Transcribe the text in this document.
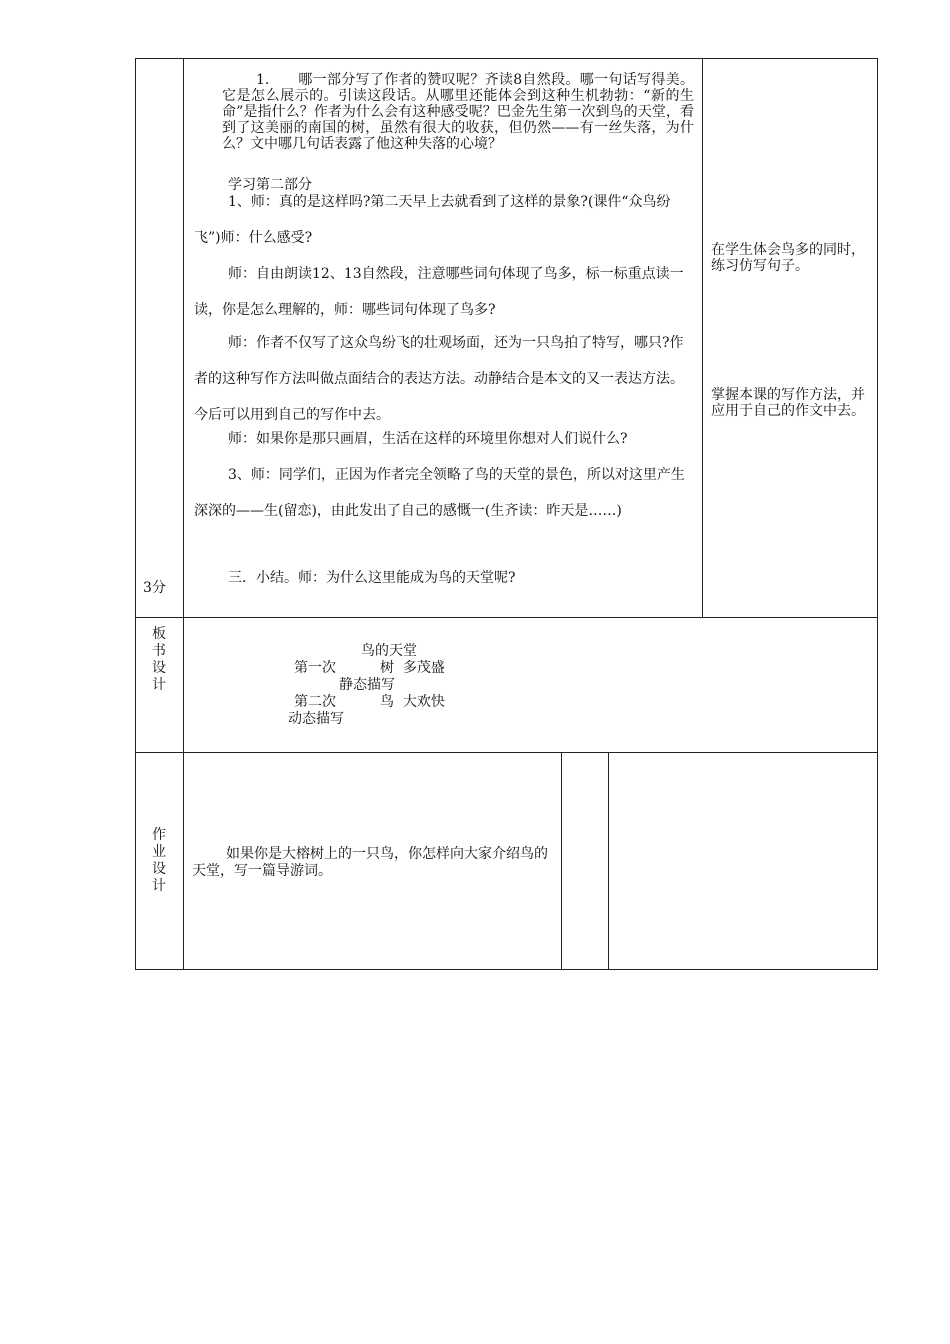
3分
1.　　哪一部分写了作者的赞叹呢？齐读8自然段。哪一句话写得美。它是怎么展示的。引读这段话。从哪里还能体会到这种生机勃勃：“新的生命”是指什么？作者为什么会有这种感受呢？巴金先生第一次到鸟的天堂，看到了这美丽的南国的树，虽然有很大的收获，但仍然——有一丝失落，为什么？文中哪几句话表露了他这种失落的心境？
学习第二部分
1、师：真的是这样吗?第二天早上去就看到了这样的景象?(课件“众鸟纷飞”)师：什么感受?
师：自由朗读12、13自然段，注意哪些词句体现了鸟多，标一标重点读一读，你是怎么理解的，师：哪些词句体现了鸟多?
师：作者不仅写了这众鸟纷飞的壮观场面，还为一只鸟拍了特写，哪只?作者的这种写作方法叫做点面结合的表达方法。动静结合是本文的又一表达方法。今后可以用到自己的写作中去。
师：如果你是那只画眉，生活在这样的环境里你想对人们说什么?
3、师：同学们，正因为作者完全领略了鸟的天堂的景色，所以对这里产生深深的——生(留恋)，由此发出了自己的感慨一(生齐读：昨天是……)
三．小结。师：为什么这里能成为鸟的天堂呢?
在学生体会鸟多的同时，练习仿写句子。
掌握本课的写作方法，并应用于自己的作文中去。
板书设计
鸟的天堂
第一次	树  多茂盛
静态描写
第二次	鸟  大欢快
动态描写
作业设计
如果你是大榕树上的一只鸟，你怎样向大家介绍鸟的天堂，写一篇导游词。
